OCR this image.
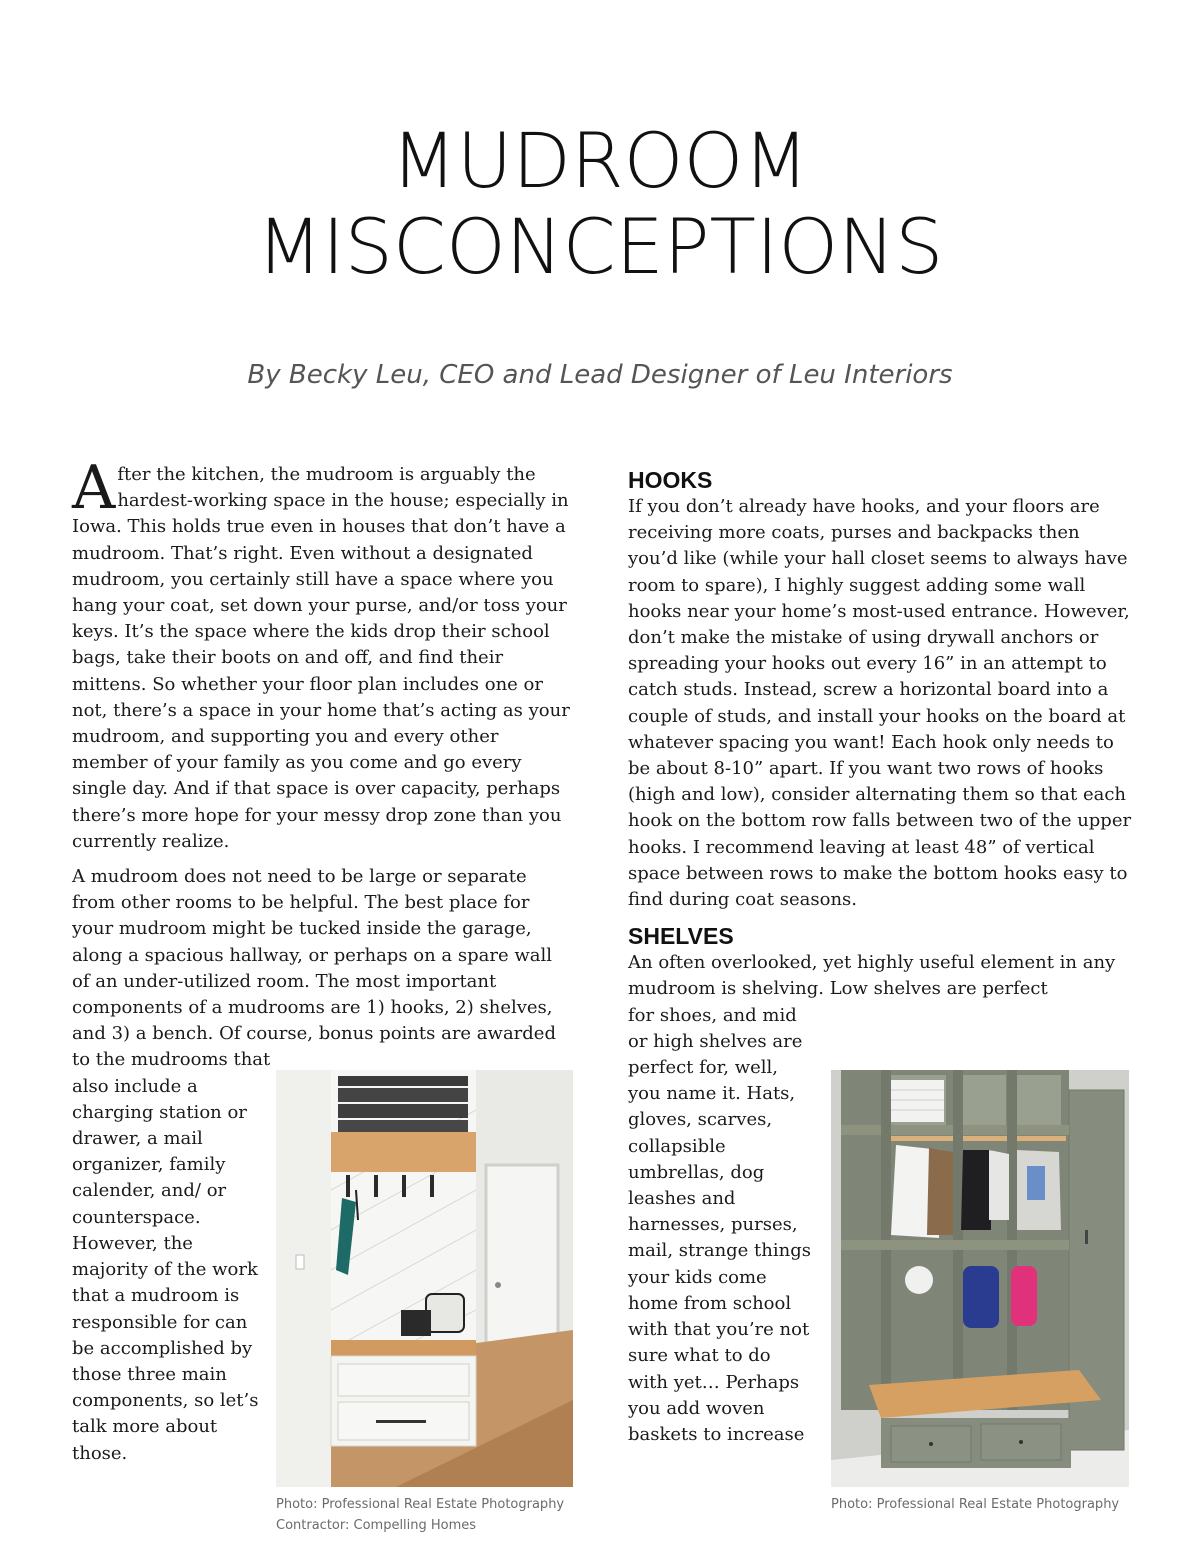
MUDROOM
MISCONCEPTIONS
By Becky Leu, CEO and Lead Designer of Leu Interiors

After the kitchen, the mudroom is arguably the hardest-working space in the house; especially in Iowa. This holds true even in houses that don’t have a mudroom. That’s right. Even without a designated mudroom, you certainly still have a space where you hang your coat, set down your purse, and/or toss your keys. It’s the space where the kids drop their school bags, take their boots on and off, and find their mittens. So whether your floor plan includes one or not, there’s a space in your home that’s acting as your mudroom, and supporting you and every other member of your family as you come and go every single day. And if that space is over capacity, perhaps there’s more hope for your messy drop zone than you currently realize.

A mudroom does not need to be large or separate from other rooms to be helpful. The best place for your mudroom might be tucked inside the garage, along a spacious hallway, or perhaps on a spare wall of an under-utilized room. The most important components of a mudrooms are 1) hooks, 2) shelves, and 3) a bench. Of course, bonus points are awarded

to the mudrooms that also include a charging station or drawer, a mail organizer, family calender, and/ or counterspace. However, the majority of the work that a mudroom is responsible for can be accomplished by those three main components, so let’s talk more about those.

Photo: Professional Real Estate Photography
Contractor: Compelling Homes
HOOKS

If you don’t already have hooks, and your floors are receiving more coats, purses and backpacks then you’d like (while your hall closet seems to always have room to spare), I highly suggest adding some wall hooks near your home’s most-used entrance. However, don’t make the mistake of using drywall anchors or spreading your hooks out every 16” in an attempt to catch studs. Instead, screw a horizontal board into a couple of studs, and install your hooks on the board at whatever spacing you want! Each hook only needs to be about 8-10” apart. If you want two rows of hooks (high and low), consider alternating them so that each hook on the bottom row falls between two of the upper hooks. I recommend leaving at least 48” of vertical space between rows to make the bottom hooks easy to find during coat seasons.

SHELVES

An often overlooked, yet highly useful element in any mudroom is shelving. Low shelves are perfect

for shoes, and mid or high shelves are perfect for, well, you name it. Hats, gloves, scarves, collapsible umbrellas, dog leashes and harnesses, purses, mail, strange things your kids come home from school with that you’re not sure what to do with yet… Perhaps you add woven baskets to increase

Photo: Professional Real Estate Photography
